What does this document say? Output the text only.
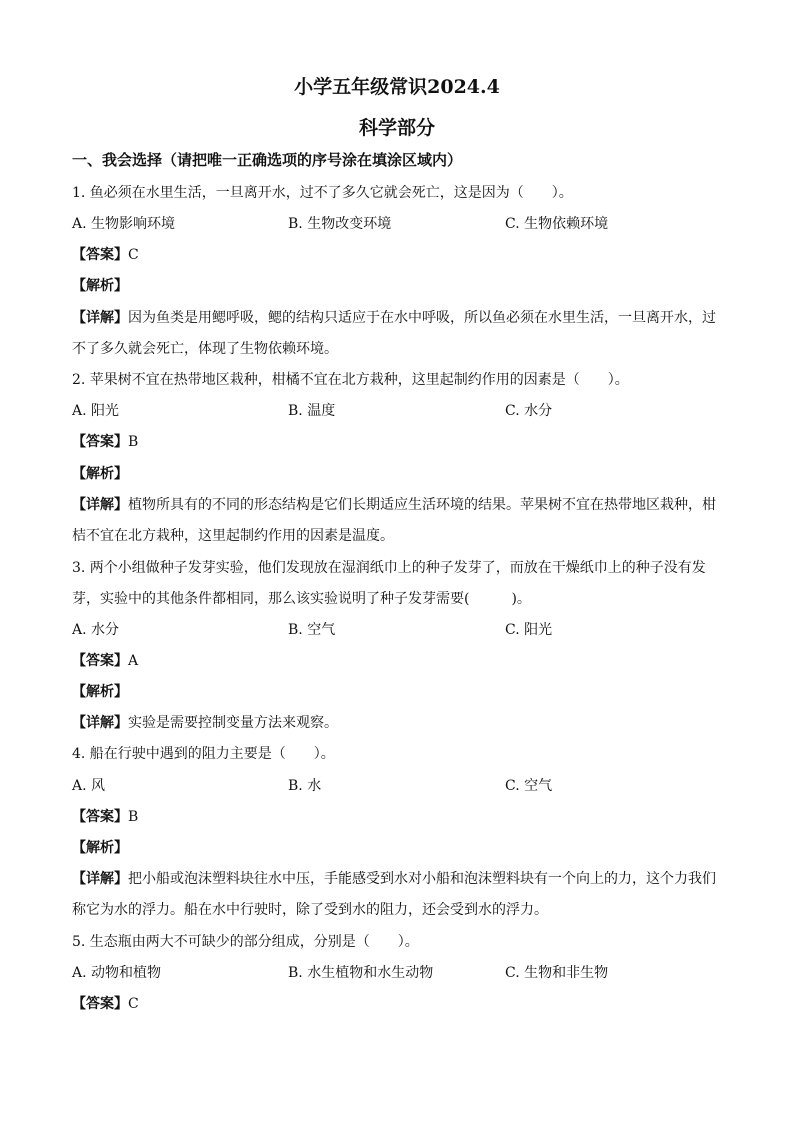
小学五年级常识2024.4
科学部分
一、我会选择（请把唯一正确选项的序号涂在填涂区域内）
1. 鱼必须在水里生活，一旦离开水，过不了多久它就会死亡，这是因为（　　）。
A. 生物影响环境	B. 生物改变环境	C. 生物依赖环境
【答案】C
【解析】
【详解】因为鱼类是用鳃呼吸，鳃的结构只适应于在水中呼吸，所以鱼必须在水里生活，一旦离开水，过
不了多久就会死亡，体现了生物依赖环境。
2. 苹果树不宜在热带地区栽种，柑橘不宜在北方栽种，这里起制约作用的因素是（　　）。
A. 阳光	B. 温度	C. 水分
【答案】B
【解析】
【详解】植物所具有的不同的形态结构是它们长期适应生活环境的结果。苹果树不宜在热带地区栽种，柑
桔不宜在北方栽种，这里起制约作用的因素是温度。
3. 两个小组做种子发芽实验，他们发现放在湿润纸巾上的种子发芽了，而放在干燥纸巾上的种子没有发
芽，实验中的其他条件都相同，那么该实验说明了种子发芽需要(　　　)。
A. 水分	B. 空气	C. 阳光
【答案】A
【解析】
【详解】实验是需要控制变量方法来观察。
4. 船在行驶中遇到的阻力主要是（　　）。
A. 风	B. 水	C. 空气
【答案】B
【解析】
【详解】把小船或泡沫塑料块往水中压，手能感受到水对小船和泡沫塑料块有一个向上的力，这个力我们
称它为水的浮力。船在水中行驶时，除了受到水的阻力，还会受到水的浮力。
5. 生态瓶由两大不可缺少的部分组成，分别是（　　）。
A. 动物和植物	B. 水生植物和水生动物	C. 生物和非生物
【答案】C
